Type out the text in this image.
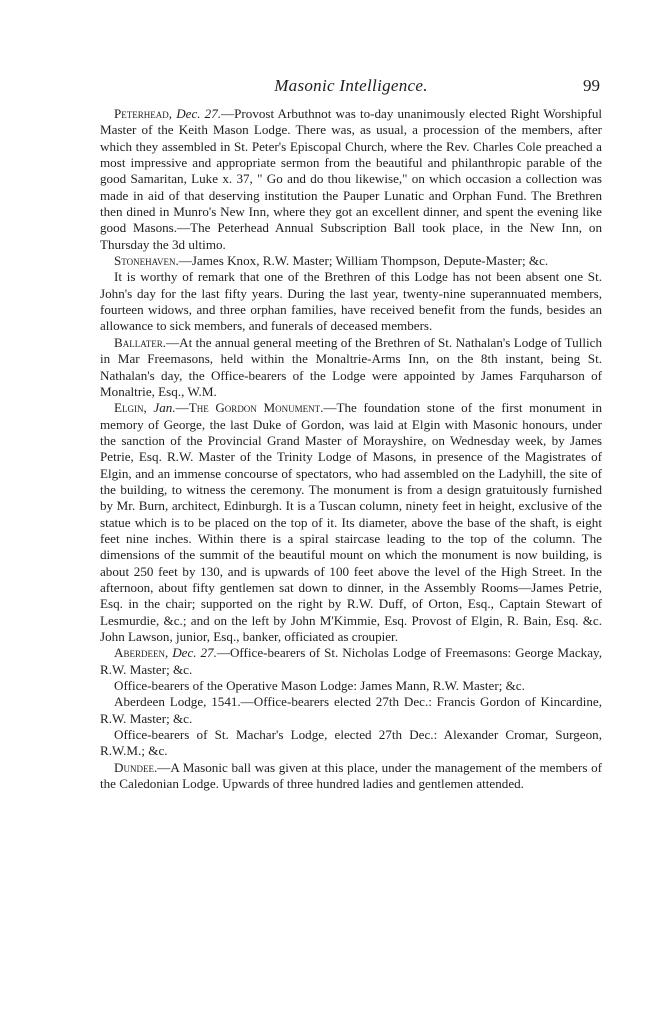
Masonic Intelligence.	99

Peterhead, Dec. 27.—Provost Arbuthnot was to-day unanimously elected Right Worshipful Master of the Keith Mason Lodge. There was, as usual, a procession of the members, after which they assembled in St. Peter's Episcopal Church, where the Rev. Charles Cole preached a most impressive and appropriate sermon from the beautiful and philanthropic parable of the good Samaritan, Luke x. 37, " Go and do thou likewise," on which occasion a collection was made in aid of that deserving institution the Pauper Lunatic and Orphan Fund. The Brethren then dined in Munro's New Inn, where they got an excellent dinner, and spent the evening like good Masons.—The Peterhead Annual Subscription Ball took place, in the New Inn, on Thursday the 3d ultimo.

Stonehaven.—James Knox, R.W. Master; William Thompson, Depute-Master; &c.

It is worthy of remark that one of the Brethren of this Lodge has not been absent one St. John's day for the last fifty years. During the last year, twenty-nine superannuated members, fourteen widows, and three orphan families, have received benefit from the funds, besides an allowance to sick members, and funerals of deceased members.

Ballater.—At the annual general meeting of the Brethren of St. Nathalan's Lodge of Tullich in Mar Freemasons, held within the Monaltrie-Arms Inn, on the 8th instant, being St. Nathalan's day, the Office-bearers of the Lodge were appointed by James Farquharson of Monaltrie, Esq., W.M.

Elgin, Jan.—The Gordon Monument.—The foundation stone of the first monument in memory of George, the last Duke of Gordon, was laid at Elgin with Masonic honours, under the sanction of the Provincial Grand Master of Morayshire, on Wednesday week, by James Petrie, Esq. R.W. Master of the Trinity Lodge of Masons, in presence of the Magistrates of Elgin, and an immense concourse of spectators, who had assembled on the Ladyhill, the site of the building, to witness the ceremony. The monument is from a design gratuitously furnished by Mr. Burn, architect, Edinburgh. It is a Tuscan column, ninety feet in height, exclusive of the statue which is to be placed on the top of it. Its diameter, above the base of the shaft, is eight feet nine inches. Within there is a spiral staircase leading to the top of the column. The dimensions of the summit of the beautiful mount on which the monument is now building, is about 250 feet by 130, and is upwards of 100 feet above the level of the High Street. In the afternoon, about fifty gentlemen sat down to dinner, in the Assembly Rooms—James Petrie, Esq. in the chair; supported on the right by R.W. Duff, of Orton, Esq., Captain Stewart of Lesmurdie, &c.; and on the left by John M'Kimmie, Esq. Provost of Elgin, R. Bain, Esq. &c. John Lawson, junior, Esq., banker, officiated as croupier.

Aberdeen, Dec. 27.—Office-bearers of St. Nicholas Lodge of Freemasons: George Mackay, R.W. Master; &c.

Office-bearers of the Operative Mason Lodge: James Mann, R.W. Master; &c.

Aberdeen Lodge, 1541.—Office-bearers elected 27th Dec.: Francis Gordon of Kincardine, R.W. Master; &c.

Office-bearers of St. Machar's Lodge, elected 27th Dec.: Alexander Cromar, Surgeon, R.W.M.; &c.

Dundee.—A Masonic ball was given at this place, under the management of the members of the Caledonian Lodge. Upwards of three hundred ladies and gentlemen attended.
